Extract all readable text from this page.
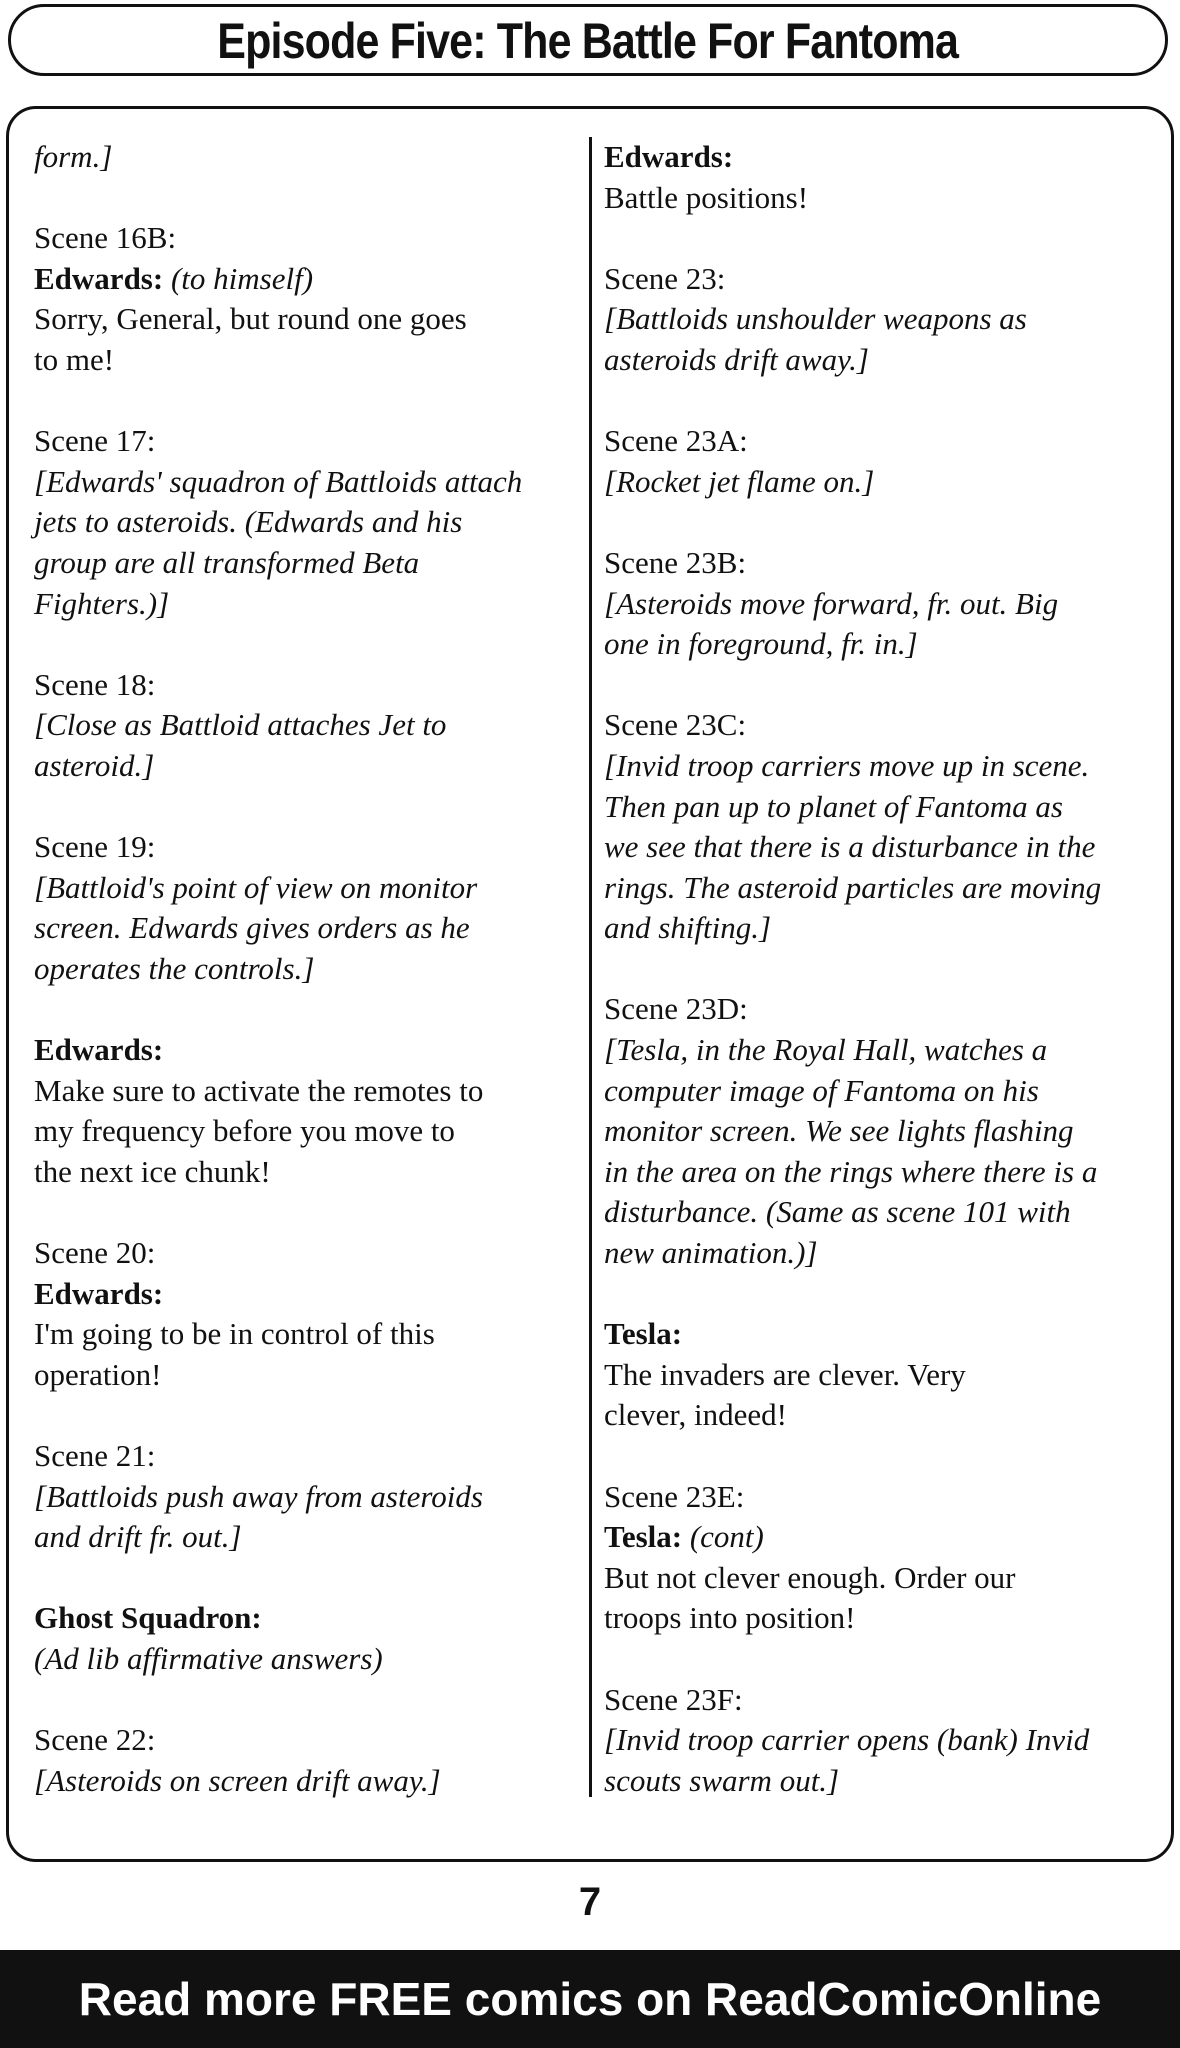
Episode Five: The Battle For Fantoma

form.]

Scene 16B:

Edwards: (to himself)

Sorry, General, but round one goes

to me!

Scene 17:

[Edwards' squadron of Battloids attach

jets to asteroids. (Edwards and his

group are all transformed Beta

Fighters.)]

Scene 18:

[Close as Battloid attaches Jet to

asteroid.]

Scene 19:

[Battloid's point of view on monitor

screen. Edwards gives orders as he

operates the controls.]

Edwards:

Make sure to activate the remotes to

my frequency before you move to

the next ice chunk!

Scene 20:

Edwards:

I'm going to be in control of this

operation!

Scene 21:

[Battloids push away from asteroids

and drift fr. out.]

Ghost Squadron:

(Ad lib affirmative answers)

Scene 22:

[Asteroids on screen drift away.]

Edwards:

Battle positions!

Scene 23:

[Battloids unshoulder weapons as

asteroids drift away.]

Scene 23A:

[Rocket jet flame on.]

Scene 23B:

[Asteroids move forward, fr. out. Big

one in foreground, fr. in.]

Scene 23C:

[Invid troop carriers move up in scene.

Then pan up to planet of Fantoma as

we see that there is a disturbance in the

rings. The asteroid particles are moving

and shifting.]

Scene 23D:

[Tesla, in the Royal Hall, watches a

computer image of Fantoma on his

monitor screen. We see lights flashing

in the area on the rings where there is a

disturbance. (Same as scene 101 with

new animation.)]

Tesla:

The invaders are clever. Very

clever, indeed!

Scene 23E:

Tesla: (cont)

But not clever enough. Order our

troops into position!

Scene 23F:

[Invid troop carrier opens (bank) Invid

scouts swarm out.]

7
Read more FREE comics on ReadComicOnline
